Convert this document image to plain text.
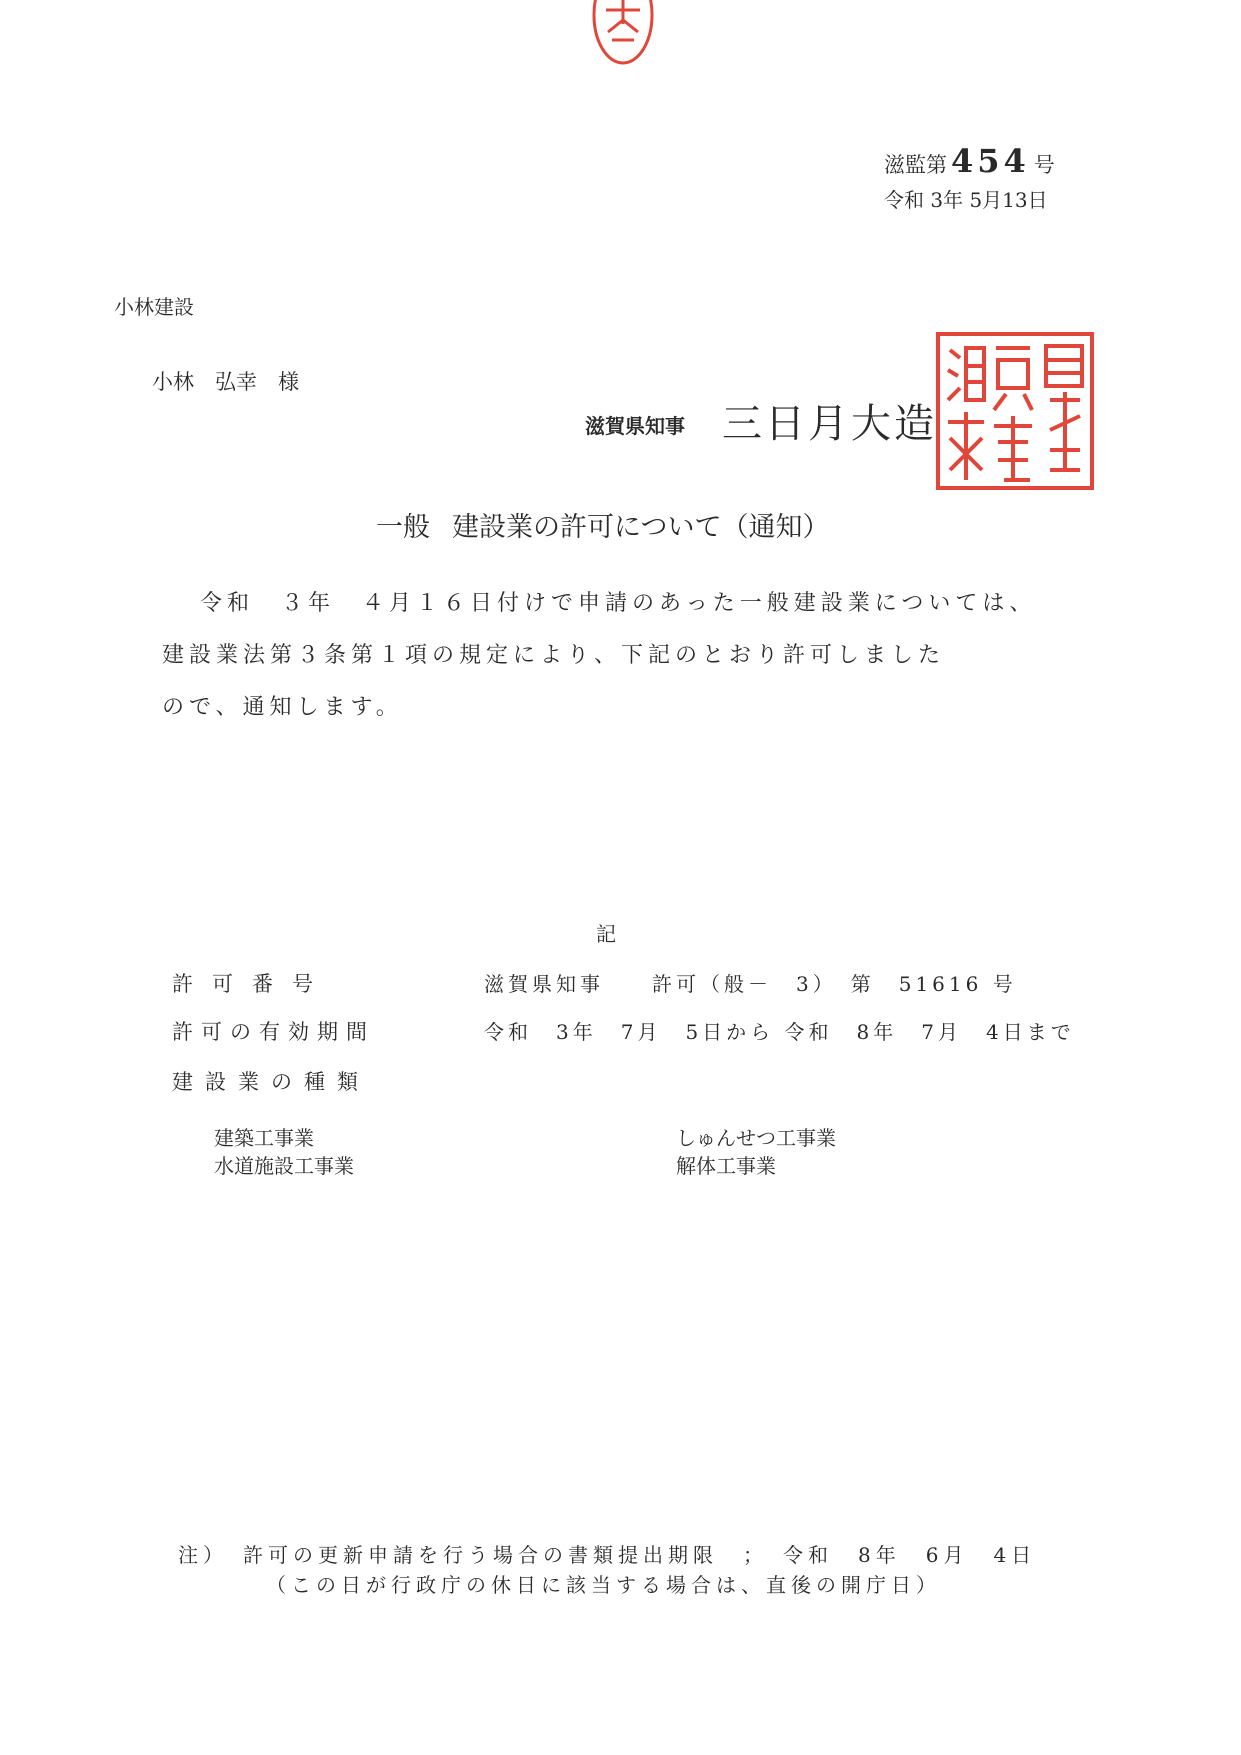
滋監第 454 号
令和 3年 5月13日
小林建設
小林　弘幸　様
滋賀県知事 三日月大造
一般 建設業の許可について（通知）
令和　３年　４月１６日付けで申請のあった一般建設業については、
建設業法第３条第１項の規定により、下記のとおり許可しました
ので、通知します。
記
許可番号	滋賀県知事　　許可（般－　3）　第　51616 号
許可の有効期間	令和　3年　7月　5日から 令和　8年　7月　4日まで
建設業の種類
建築工事業
水道施設工事業
しゅんせつ工事業
解体工事業
注）　許可の更新申請を行う場合の書類提出期限　；　令和　8年　6月　4日
（この日が行政庁の休日に該当する場合は、直後の開庁日）
